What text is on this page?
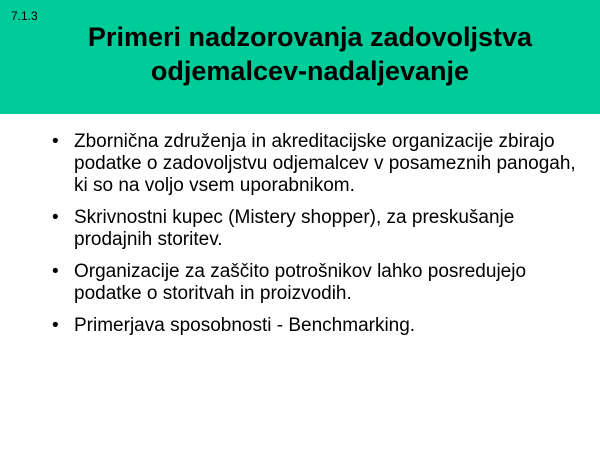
7.1.3
Primeri nadzorovanja zadovoljstva
odjemalcev-nadaljevanje
• Zbornična združenja in akreditacijske organizacije zbirajo podatke o zadovoljstvu odjemalcev v posameznih panogah, ki so na voljo vsem uporabnikom.
• Skrivnostni kupec (Mistery shopper), za preskušanje prodajnih storitev.
• Organizacije za zaščito potrošnikov lahko posredujejo podatke o storitvah in proizvodih.
• Primerjava sposobnosti - Benchmarking.
